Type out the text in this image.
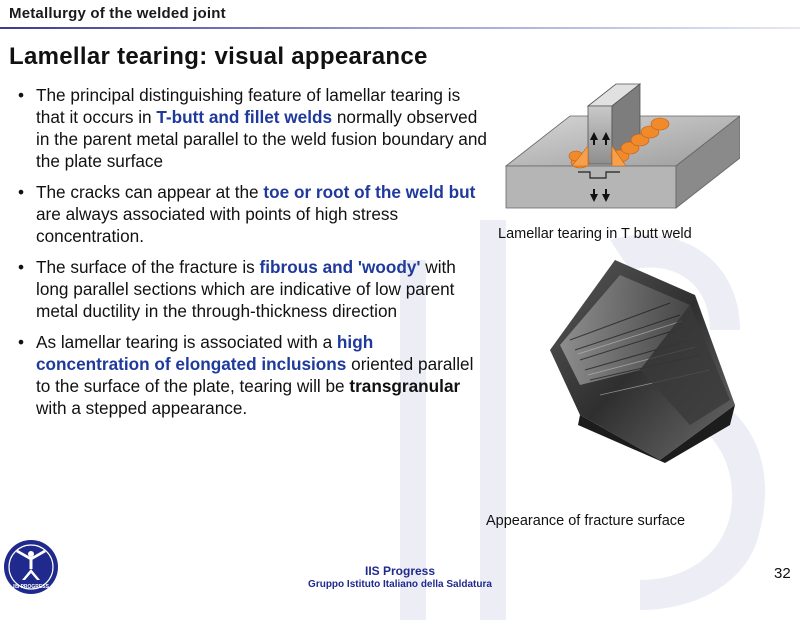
Metallurgy of the welded joint
Lamellar tearing: visual appearance
• The principal distinguishing feature of lamellar tearing is that it occurs in T-butt and fillet welds normally observed in the parent metal parallel to the weld fusion boundary and the plate surface
• The cracks can appear at the toe or root of the weld but are always associated with points of high stress concentration.
• The surface of the fracture is fibrous and 'woody' with long parallel sections which are indicative of low parent metal ductility in the through-thickness direction
• As lamellar tearing is associated with a high concentration of elongated inclusions oriented parallel to the surface of the plate, tearing will be transgranular with a stepped appearance.
Lamellar tearing in T butt weld
Appearance of fracture surface
IIS PROGRESS
IIS Progress
Gruppo Istituto Italiano della Saldatura
32
